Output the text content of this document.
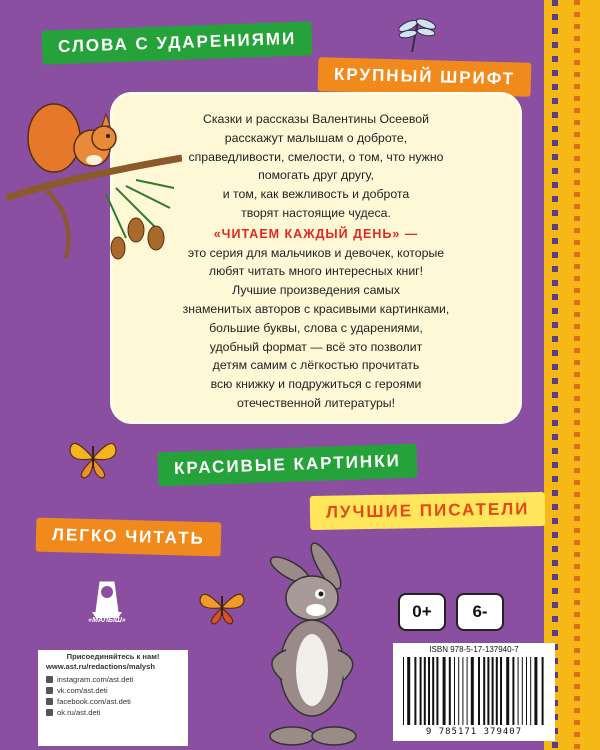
СЛОВА С УДАРЕНИЯМИ
КРУПНЫЙ ШРИФТ
Сказки и рассказы Валентины Осеевой
расскажут малышам о доброте,
справедливости, смелости, о том, что нужно
помогать друг другу,
и том, как вежливость и доброта
творят настоящие чудеса.
«ЧИТАЕМ КАЖДЫЙ ДЕНЬ» —
это серия для мальчиков и девочек, которые
любят читать много интересных книг!
Лучшие произведения самых
знаменитых авторов с красивыми картинками,
большие буквы, слова с ударениями,
удобный формат — всё это позволит
детям самим с лёгкостью прочитать
всю книжку и подружиться с героями
отечественной литературы!
КРАСИВЫЕ КАРТИНКИ
ЛУЧШИЕ ПИСАТЕЛИ
ЛЕГКО ЧИТАТЬ
«МАЛЫШ»	0+	6-
Присоединяйтесь к нам!
www.ast.ru/redactions/malysh
instagram.com/ast.deti
vk.com/ast.deti
facebook.com/ast.deti
ok.ru/ast.deti
ISBN 978-5-17-137940-7
9 785171 379407
